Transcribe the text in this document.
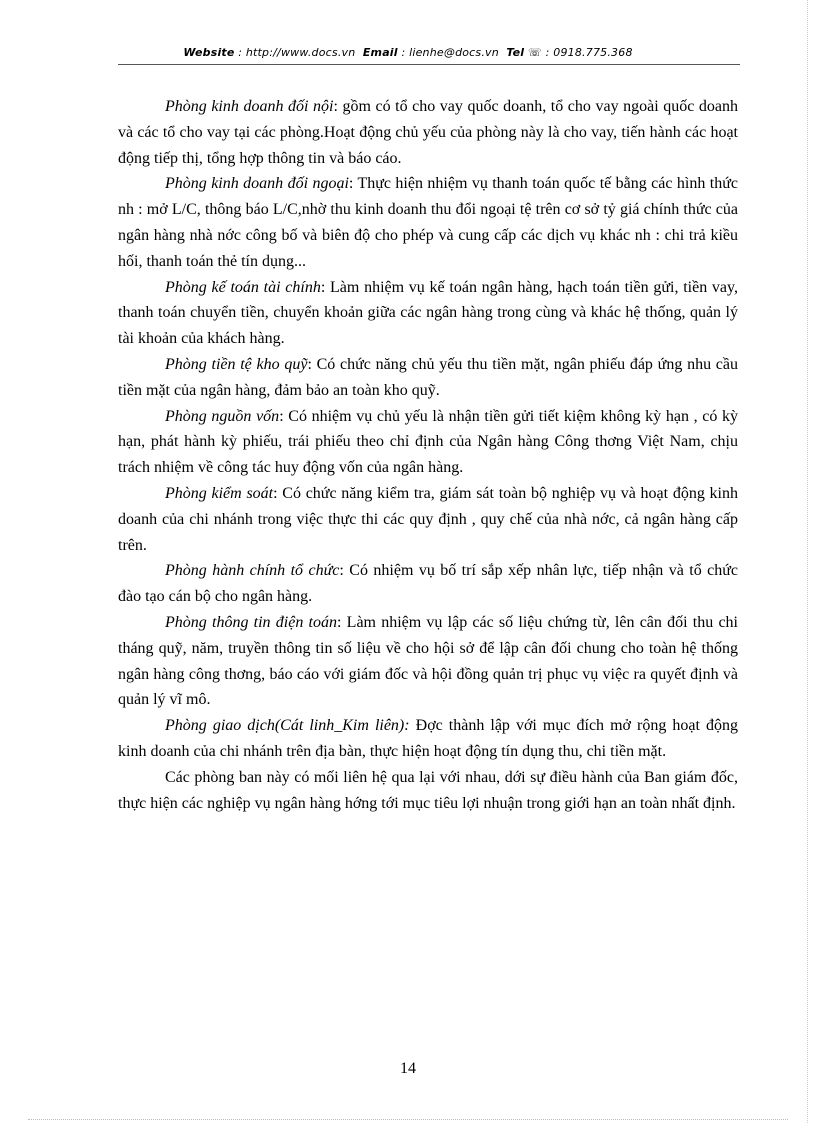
Website : http://www.docs.vn Email : lienhe@docs.vn Tel ☏ : 0918.775.368

Phòng kinh doanh đối nội: gồm có tổ cho vay quốc doanh, tổ cho vay ngoài quốc doanh và các tổ cho vay tại các phòng.Hoạt động chủ yếu của phòng này là cho vay, tiến hành các hoạt động tiếp thị, tổng hợp thông tin và báo cáo.

Phòng kinh doanh đối ngoại: Thực hiện nhiệm vụ thanh toán quốc tế bằng các hình thức nh : mở L/C, thông báo L/C,nhờ thu kinh doanh thu đổi ngoại tệ trên cơ sở tỷ giá chính thức của ngân hàng nhà nớc công bố và biên độ cho phép và cung cấp các dịch vụ khác nh : chi trả kiều hối, thanh toán thẻ tín dụng...

Phòng kế toán tài chính: Làm nhiệm vụ kế toán ngân hàng, hạch toán tiền gửi, tiền vay, thanh toán chuyển tiền, chuyển khoản giữa các ngân hàng trong cùng và khác hệ thống, quản lý tài khoản của khách hàng.

Phòng tiền tệ kho quỹ: Có chức năng chủ yếu thu tiền mặt, ngân phiếu đáp ứng nhu cầu tiền mặt của ngân hàng, đảm bảo an toàn kho quỹ.

Phòng nguồn vốn: Có nhiệm vụ chủ yếu là nhận tiền gửi tiết kiệm không kỳ hạn , có kỳ hạn, phát hành kỳ phiếu, trái phiếu theo chỉ định của Ngân hàng Công thơng Việt Nam, chịu trách nhiệm về công tác huy động vốn của ngân hàng.

Phòng kiểm soát: Có chức năng kiểm tra, giám sát toàn bộ nghiệp vụ và hoạt động kinh doanh của chi nhánh trong việc thực thi các quy định , quy chế của nhà nớc, cả ngân hàng cấp trên.

Phòng hành chính tổ chức: Có nhiệm vụ bố trí sắp xếp nhân lực, tiếp nhận và tổ chức đào tạo cán bộ cho ngân hàng.

Phòng thông tin điện toán: Làm nhiệm vụ lập các số liệu chứng từ, lên cân đối thu chi tháng quỹ, năm, truyền thông tin số liệu về cho hội sở để lập cân đối chung cho toàn hệ thống ngân hàng công thơng, báo cáo với giám đốc và hội đồng quản trị phục vụ việc ra quyết định và quản lý vĩ mô.

Phòng giao dịch(Cát linh_Kim liên): Đợc thành lập với mục đích mở rộng hoạt động kinh doanh của chi nhánh trên địa bàn, thực hiện hoạt động tín dụng thu, chi tiền mặt.

Các phòng ban này có mối liên hệ qua lại với nhau, dới sự điều hành của Ban giám đốc, thực hiện các nghiệp vụ ngân hàng hớng tới mục tiêu lợi nhuận trong giới hạn an toàn nhất định.

14
